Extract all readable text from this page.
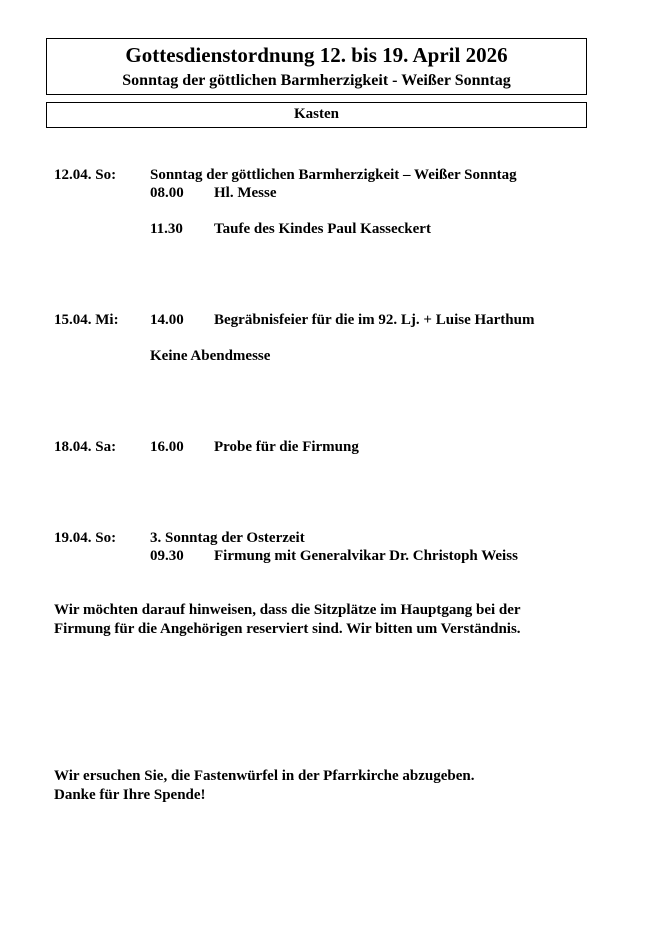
Gottesdienstordnung 12. bis 19. April 2026
Sonntag der göttlichen Barmherzigkeit - Weißer Sonntag
Kasten
12.04. So: Sonntag der göttlichen Barmherzigkeit – Weißer Sonntag
08.00 Hl. Messe
11.30 Taufe des Kindes Paul Kasseckert
15.04. Mi: 14.00 Begräbnisfeier für die im 92. Lj. + Luise Harthum
Keine Abendmesse
18.04. Sa: 16.00 Probe für die Firmung
19.04. So: 3. Sonntag der Osterzeit
09.30 Firmung mit Generalvikar Dr. Christoph Weiss
Wir möchten darauf hinweisen, dass die Sitzplätze im Hauptgang bei der
Firmung für die Angehörigen reserviert sind. Wir bitten um Verständnis.
Wir ersuchen Sie, die Fastenwürfel in der Pfarrkirche abzugeben.
Danke für Ihre Spende!
